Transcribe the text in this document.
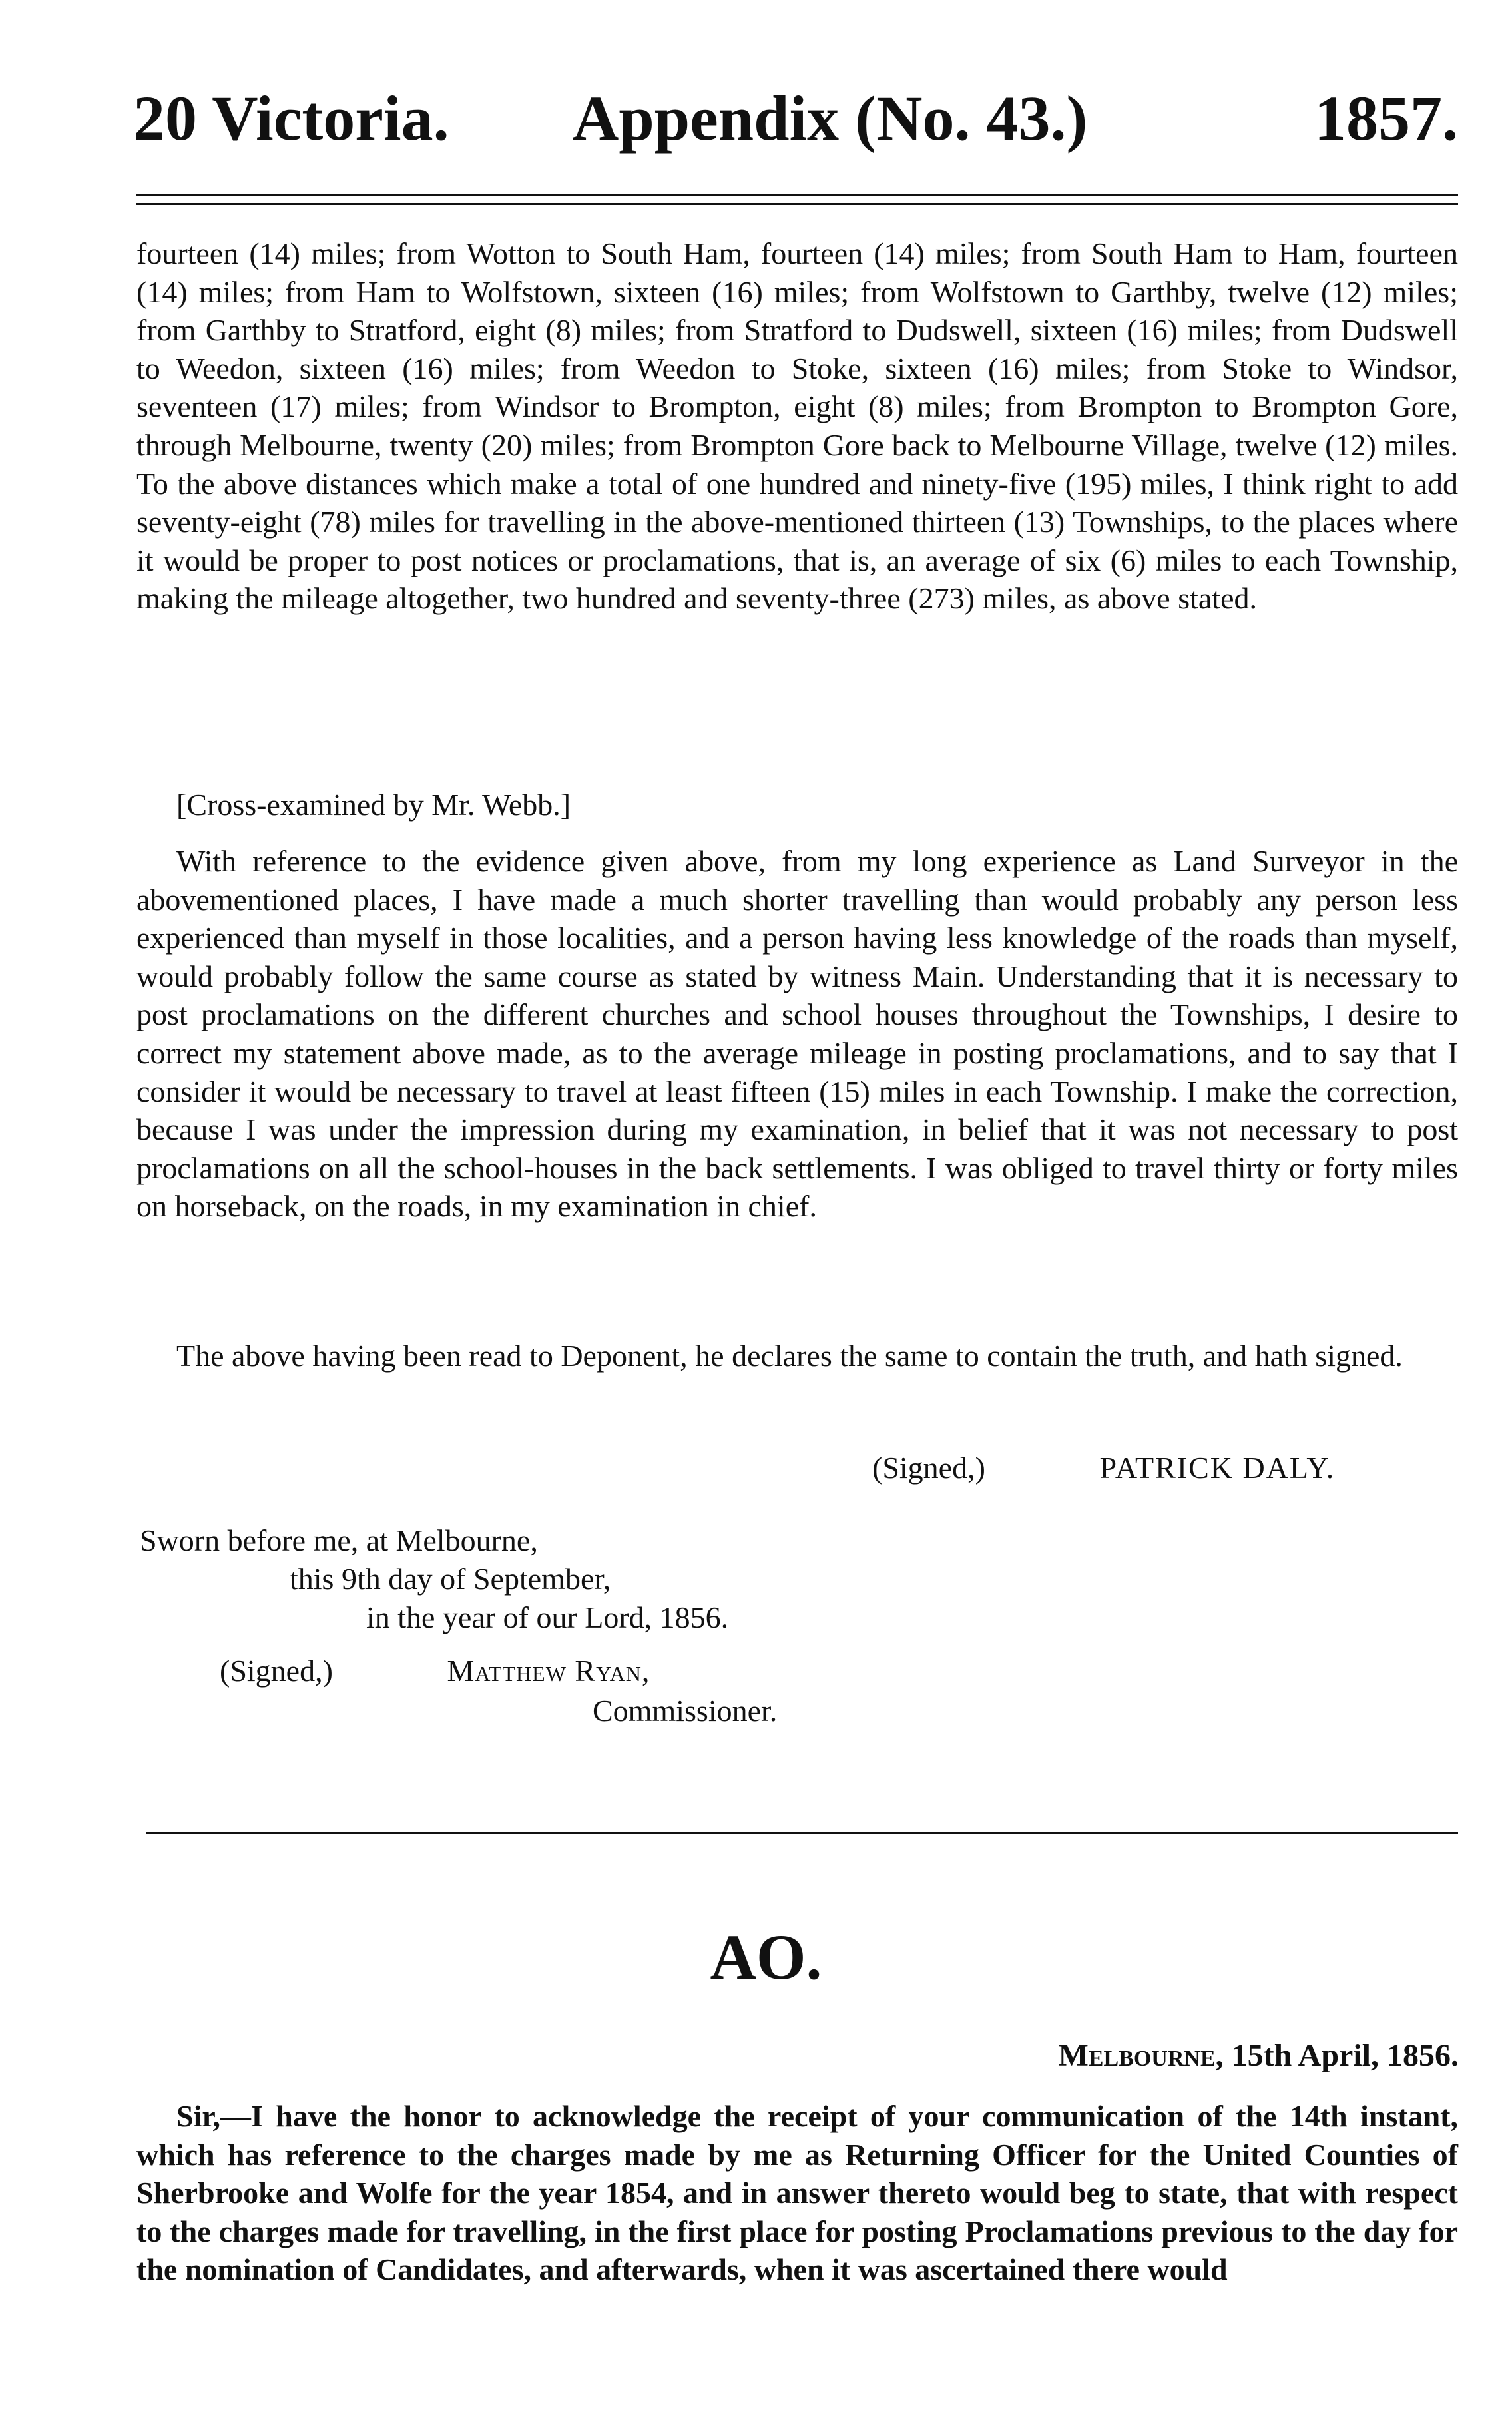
20 Victoria. Appendix (No. 43.)	1857.

fourteen (14) miles; from Wotton to South Ham, fourteen (14) miles; from South Ham to Ham, fourteen (14) miles; from Ham to Wolfstown, sixteen (16) miles; from Wolfstown to Garthby, twelve (12) miles; from Garthby to Stratford, eight (8) miles; from Stratford to Dudswell, sixteen (16) miles; from Dudswell to Weedon, sixteen (16) miles; from Weedon to Stoke, sixteen (16) miles; from Stoke to Windsor, seventeen (17) miles; from Windsor to Brompton, eight (8) miles; from Brompton to Brompton Gore, through Melbourne, twenty (20) miles; from Brompton Gore back to Melbourne Village, twelve (12) miles. To the above distances which make a total of one hundred and ninety-five (195) miles, I think right to add seventy-eight (78) miles for travelling in the above-mentioned thirteen (13) Townships, to the places where it would be proper to post notices or proclamations, that is, an average of six (6) miles to each Township, making the mileage altogether, two hundred and seventy-three (273) miles, as above stated.

[Cross-examined by Mr. Webb.]

With reference to the evidence given above, from my long experience as Land Surveyor in the abovementioned places, I have made a much shorter travelling than would probably any person less experienced than myself in those localities, and a person having less knowledge of the roads than myself, would probably follow the same course as stated by witness Main. Understanding that it is necessary to post proclamations on the different churches and school houses throughout the Townships, I desire to correct my statement above made, as to the average mileage in posting proclamations, and to say that I consider it would be necessary to travel at least fifteen (15) miles in each Township. I make the correction, because I was under the impression during my examination, in belief that it was not necessary to post proclamations on all the school-houses in the back settlements. I was obliged to travel thirty or forty miles on horseback, on the roads, in my examination in chief.

The above having been read to Deponent, he declares the same to contain the truth, and hath signed.

(Signed,)	PATRICK DALY.
Sworn before me, at Melbourne,
this 9th day of September,
in the year of our Lord, 1856.
(Signed,)	Matthew Ryan,
Commissioner.
AO.
Melbourne, 15th April, 1856.

Sir,—I have the honor to acknowledge the receipt of your communication of the 14th instant, which has reference to the charges made by me as Returning Officer for the United Counties of Sherbrooke and Wolfe for the year 1854, and in answer thereto would beg to state, that with respect to the charges made for travelling, in the first place for posting Proclamations previous to the day for the nomination of Candidates, and afterwards, when it was ascertained there would
